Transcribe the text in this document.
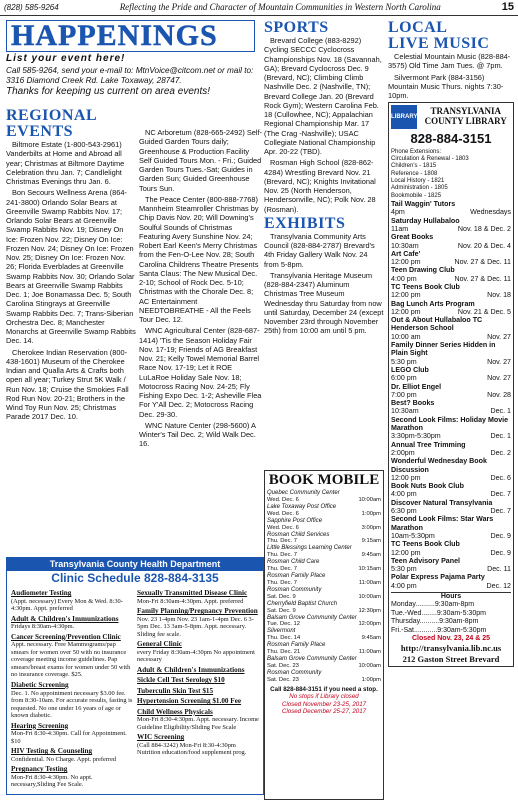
(828) 585-9264	Reflecting the Pride and Character of Mountain Communities in Western North Carolina	15
HAPPENINGS
List your event here!
Call 585-9264, send your e-mail to: MtnVoice@citcom.net or mail to: 3316 Diamond Creek Rd. Lake Toxaway, 28747.
Thanks for keeping us current on area events!
REGIONAL
EVENTS
Biltmore Estate (1-800-543-2961) Vanderbilts at Home and Abroad all year; Christmas at Biltmore Daytime Celebration thru Jan. 7; Candlelight Christmas Evenings thru Jan. 6.
Bon Secours Wellness Arena (864-241-3800) Orlando Solar Bears at Greenville Swamp Rabbits Nov. 17; Orlando Solar Bears at Greenville Swamp Rabbits Nov. 19; Disney On Ice: Frozen Nov. 22; Disney On Ice: Frozen Nov. 24; Disney On Ice: Frozen Nov. 25; Disney On Ice: Frozen Nov. 26; Florida Everblades at Greenville Swamp Rabbits Nov. 30; Orlando Solar Bears at Greenville Swamp Rabbits Dec. 1; Joe Bonamassa Dec. 5; South Carolina Stingrays at Greenville Swamp Rabbits Dec. 7; Trans-Siberian Orchestra Dec. 8; Manchester Monarchs at Greenville Swamp Rabbits Dec. 14.
Cherokee Indian Reservation (800-438-1601) Museum of the Cherokee Indian and Qualla Arts & Crafts both open all year; Turkey Strut 5K Walk / Run Nov. 18; Cruise the Smokies Fall Rod Run Nov. 20-21; Brothers in the Wind Toy Run Nov. 25; Christmas Parade 2017 Dec. 10.
NC Arboretum (828-665-2492) Self-Guided Garden Tours daily; Greenhouse & Production Facility Self Guided Tours Mon. - Fri.; Guided Garden Tours Tues.-Sat; Guides in Garden Sun; Guided Greenhouse Tours Sun.
The Peace Center (800-888-7768) Mannheim Steamroller Christmas by Chip Davis Nov. 20; Will Downing's Soulful Sounds of Christmas Featuring Avery Sunshine Nov. 24; Robert Earl Keen's Merry Christmas from the Fen-O-Lee Nov. 28; South Carolina Childrens Theatre Presents Santa Claus: The New Musical Dec. 2-10; School of Rock Dec. 5-10; Christmas with the Chorale Dec. 8; AC Entertainment NEEDTOBREATHE - All the Feels Tour Dec. 12.
WNC Agricultural Center (828-687-1414) 'Tis the Season Holiday Fair Nov. 17-19; Friends of AG Breakfast Nov. 21; Kelly Towel Memorial Barrel Race Nov. 17-19; Let it ROE LuLaRoe Holiday Sale Nov. 18; Motocross Racing Nov. 24-25; Fly Fishing Expo Dec. 1-2; Asheville Flea For Y'All Dec. 2; Motocross Racing Dec. 29-30.
WNC Nature Center (298-5600) A Winter's Tail Dec. 2; Wild Walk Dec. 16.
SPORTS
Brevard College (883-8292) Cycling SECCC Cyclocross Championships Nov. 18 (Savannah, GA); Brevard Cyclocross Dec. 9 (Brevard, NC); Climbing Climb Nashville Dec. 2 (Nashville, TN); Brevard College Jan. 20 (Brevard Rock Gym); Western Carolina Feb. 18 (Cullowhee, NC); Appalachian Regional Championship Mar. 17 (The Crag -Nashville); USAC Collegiate National Championship Apr. 20-22 (TBD).
Rosman High School (828-862-4284) Wrestling Brevard Nov. 21 (Brevard, NC); Knights Invitational Nov. 25 (North Henderson, Hendersonville, NC); Polk Nov. 28 (Rosman).
EXHIBITS
Transylvania Community Arts Council (828-884-2787) Brevard's 4th Friday Gallery Walk Nov. 24 from 5-8pm.
Transylvania Heritage Museum (828-884-2347) Aluminum Christmas Tree Museum Wednesday thru Saturday from now until Saturday, December 24 (except November 23rd through November 25th) from 10:00 am until 5 pm.
LOCAL
LIVE MUSIC
Celestial Mountain Music (828-884-3575) Old Time Jam Tues. @ 7pm.
Silvermont Park (884-3156) Mountain Music Thurs. nights 7:30-10pm.
LIBRARY
TRANSYLVANIA COUNTY LIBRARY
828-884-3151
Phone Extensions:
Circulation & Renewal - 1803
Children's - 1815
Reference - 1808
Local History - 1821
Administration - 1805
Bookmobile - 1825
Tail Waggin' Tutors
4pm	Wednesdays
Saturday Hullabaloo
11am	Nov. 18 & Dec. 2
Great Books
10:30am	Nov. 20 & Dec. 4
Art Cafe'
12:00 pm	Nov. 27 & Dec. 11
Teen Drawing Club
4:00 pm	Nov. 27 & Dec. 11
TC Teens Book Club
12:00 pm	Nov. 18
Bag Lunch Arts Program
12:00 pm	Nov. 21 & Dec. 5
Out & About Hullabaloo TC Henderson School
10:00 am	Nov. 27
Family Dinner Series Hidden in Plain Sight
5:30 pm	Nov. 27
LEGO Club
6:00 pm	Nov. 27
Dr. Elliot Engel
7:00 pm	Nov. 28
Best? Books
10:30am	Dec. 1
Second Look Films: Holiday Movie Marathon
3:30pm-5:30pm	Dec. 1
Annual Tree Trimming
2:00pm	Dec. 2
Wonderful Wednesday Book Discussion
12:00 pm	Dec. 6
Book Nuts Book Club
4:00 pm	Dec. 7
Discover Natural Transylvania
6:30 pm	Dec. 7
Second Look Films: Star Wars Marathon
10am-5:30pm	Dec. 9
TC Teens Book Club
12:00 pm	Dec. 9
Teen Advisory Panel
5:30 pm	Dec. 11
Polar Express Pajama Party
4:00 pm	Dec. 12
Hours
Monday..........9:30am-8pm
Tue.-Wed........9:30am-5:30pm
Thursday..........9:30am-8pm
Fri.-Sat............9:30am-5:30pm
Closed Nov. 23, 24 & 25
http://transylvania.lib.nc.us
212 Gaston Street Brevard
BOOK MOBILE
Quebec Community Center
Wed. Dec. 6	10:00am
Lake Toxaway Post Office
Wed. Dec. 6	1:00pm
Sapphire Post Office
Wed. Dec. 6	3:00pm
Rosman Child Services
Thu. Dec. 7	9:15am
Little Blessings Learning Center
Thu. Dec. 7	9:45am
Rosman Child Care
Thu. Dec. 7	10:15am
Rosman Family Place
Thu. Dec. 7	11:00am
Rosman Community
Sat. Dec. 9	10:00am
Cherryfield Baptist Church
Sat. Dec. 9	12:30pm
Balsam Grove Community Center
Tue. Dec. 12	12:00pm
Silvermont
Thu. Dec. 14	9:45am
Rosman Family Place
Thu. Dec. 21	11:00am
Balsam Grove Community Center
Sat. Dec. 23	10:00am
Rosman Community
Sat. Dec. 23	1:00pm
Call 828-884-3151 if you need a stop.
No stops if Library closed
Closed November 23-25, 2017
Closed December 25-27, 2017
Transylvania County Health Department
Clinic Schedule 828-884-3135
Audiometer Testing
(Appt. necessary) Every Mon & Wed. 8:30-4:30pm. Appt. preferred
Adult & Children's Immunizations
Fridays 8:30am-4:30pm.
Cancer Screening/Prevention Clinic
Appt. necessary. Free Mammograms/pap smears for women over 50 with no insurance coverage meeting income guidelines. Pap smears/breast exams for women under 50 with no insurance coverage. $25.
Diabetic Screening
Dec. 1. No appointment necessary $3.00 fee. from 8:30-10am. For accurate results, fasting is requested. No one under 16 years of age or known diabetic.
Hearing Screening
Mon-Fri 8:30-4:30pm. Call for Appointment. $10
HIV Testing & Counseling
Confidential. No Charge. Appt. preferred
Pregnancy Testing
Mon-Fri 8:30-4:30pm. No appt. necessary,Sliding Fee Scale.
Sexually Transmitted Disease Clinic
Mon-Fri 8:30am-4:30pm. Appt. preferred
Family Planning/Pregnancy Prevention
Nov. 23 1-4pm Nov. 23 1am-1-4pm Dec. 6 3-5pm Dec. 13 3am-5-8pm. Appt. necessary. Sliding fee scale.
General Clinic
every Friday 8:30am-4:30pm No appointment necessary
Adult & Children's Immunizations
Sickle Cell Test Serology $10
Tuberculin Skin Test $15
Hypertension Screening $1.00 Fee
Child Wellness Physicals
Mon-Fri 8:30-4:30pm. Appt. necessary. Income Guideline Eligibility/Sliding Fee Scale
WIC Screening
(Call 884-3242) Mon-Fri 8:30-4:30pm Nutrition education/food supplement prog.
